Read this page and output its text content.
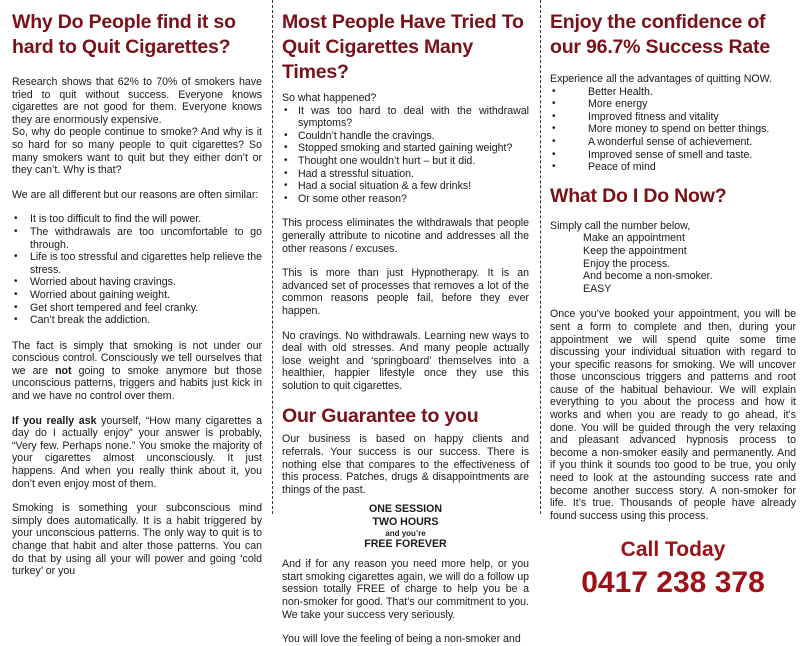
Why Do People find it so hard to Quit Cigarettes?

Research shows that 62% to 70% of smokers have tried to quit without success. Everyone knows cigarettes are not good for them. Everyone knows they are enormously expensive.

So, why do people continue to smoke? And why is it so hard for so many people to quit cigarettes? So many smokers want to quit but they either don’t or they can’t. Why is that?

We are all different but our reasons are often similar:

• It is too difficult to find the will power.
• The withdrawals are too uncomfortable to go through.
• Life is too stressful and cigarettes help relieve the stress.
• Worried about having cravings.
• Worried about gaining weight.
• Get short tempered and feel cranky.
• Can’t break the addiction.

The fact is simply that smoking is not under our conscious control. Consciously we tell ourselves that we are not going to smoke anymore but those unconscious patterns, triggers and habits just kick in and we have no control over them.

If you really ask yourself, “How many cigarettes a day do I actually enjoy” your answer is probably, “Very few. Perhaps none.” You smoke the majority of your cigarettes almost unconsciously. It just happens. And when you really think about it, you don’t even enjoy most of them.

Smoking is something your subconscious mind simply does automatically. It is a habit triggered by your unconscious patterns. The only way to quit is to change that habit and alter those patterns. You can do that by using all your will power and going ‘cold turkey’ or you

Most People Have Tried To Quit Cigarettes Many Times?

So what happened?

• It was too hard to deal with the withdrawal symptoms?
• Couldn’t handle the cravings.
• Stopped smoking and started gaining weight?
• Thought one wouldn’t hurt – but it did.
• Had a stressful situation.
• Had a social situation & a few drinks!
• Or some other reason?

This process eliminates the withdrawals that people generally attribute to nicotine and addresses all the other reasons / excuses.

This is more than just Hypnotherapy. It is an advanced set of processes that removes a lot of the common reasons people fail, before they ever happen.

No cravings. No withdrawals. Learning new ways to deal with old stresses. And many people actually lose weight and ‘springboard’ themselves into a healthier, happier lifestyle once they use this solution to quit cigarettes.

Our Guarantee to you

Our business is based on happy clients and referrals. Your success is our success. There is nothing else that compares to the effectiveness of this process. Patches, drugs & disappointments are things of the past.

ONE SESSION
TWO HOURS
and you’re
FREE FOREVER

And if for any reason you need more help, or you start smoking cigarettes again, we will do a follow up session totally FREE of charge to help you be a non-smoker for good. That’s our commitment to you. We take your success very seriously.

You will love the feeling of being a non-smoker and

Enjoy the confidence of our 96.7% Success Rate

Experience all the advantages of quitting NOW.

• Better Health.
• More energy
• Improved fitness and vitality
• More money to spend on better things.
• A wonderful sense of achievement.
• Improved sense of smell and taste.
• Peace of mind
What Do I Do Now?

Simply call the number below,

Make an appointment

Keep the appointment

Enjoy the process.

And become a non-smoker.

EASY

Once you’ve booked your appointment, you will be sent a form to complete and then, during your appointment we will spend quite some time discussing your individual situation with regard to your specific reasons for smoking. We will uncover those unconscious triggers and patterns and root cause of the habitual behaviour. We will explain everything to you about the process and how it works and when you are ready to go ahead, it’s done. You will be guided through the very relaxing and pleasant advanced hypnosis process to become a non-smoker easily and permanently. And if you think it sounds too good to be true, you only need to look at the astounding success rate and become another success story. A non-smoker for life. It’s true. Thousands of people have already found success using this process.

Call Today
0417 238 378
